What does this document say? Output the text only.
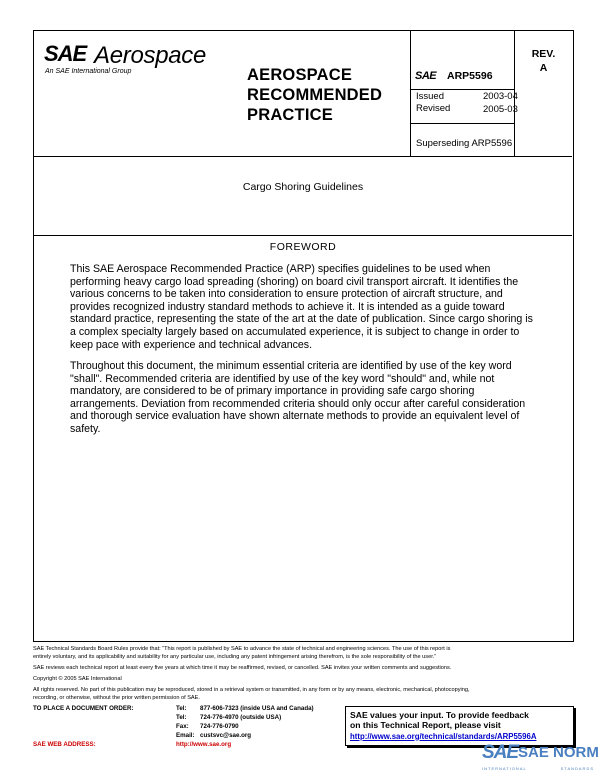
SAE Aerospace
An SAE International Group	AEROSPACE
RECOMMENDED
PRACTICE
SAE ARP5596
Issued	2003-04
Revised	2005-03
Superseding ARP5596
REV.
A
Cargo Shoring Guidelines
FOREWORD

This SAE Aerospace Recommended Practice (ARP) specifies guidelines to be used when performing heavy cargo load spreading (shoring) on board civil transport aircraft. It identifies the various concerns to be taken into consideration to ensure protection of aircraft structure, and provides recognized industry standard methods to achieve it. It is intended as a guide toward standard practice, representing the state of the art at the date of publication. Since cargo shoring is a complex specialty largely based on accumulated experience, it is subject to change in order to keep pace with experience and technical advances.

Throughout this document, the minimum essential criteria are identified by use of the key word "shall". Recommended criteria are identified by use of the key word "should" and, while not mandatory, are considered to be of primary importance in providing safe cargo shoring arrangements. Deviation from recommended criteria should only occur after careful consideration and thorough service evaluation have shown alternate methods to provide an equivalent level of safety.

SAE Technical Standards Board Rules provide that: “This report is published by SAE to advance the state of technical and engineering sciences. The use of this report is
entirely voluntary, and its applicability and suitability for any particular use, including any patent infringement arising therefrom, is the sole responsibility of the user.”
SAE reviews each technical report at least every five years at which time it may be reaffirmed, revised, or cancelled. SAE invites your written comments and suggestions.
Copyright © 2005 SAE International
All rights reserved. No part of this publication may be reproduced, stored in a retrieval system or transmitted, in any form or by any means, electronic, mechanical, photocopying,
recording, or otherwise, without the prior written permission of SAE.
TO PLACE A DOCUMENT ORDER:	Tel: 877-606-7323 (inside USA and Canada)
Tel: 724-776-4970 (outside USA)
Fax: 724-776-0790
Email: custsvc@sae.org
SAE WEB ADDRESS:	http://www.sae.org
SAE values your input. To provide feedback
on this Technical Report, please visit
http://www.sae.org/technical/standards/ARP5596A
SAE SAE NORM
INTERNATIONAL	STANDARDS
